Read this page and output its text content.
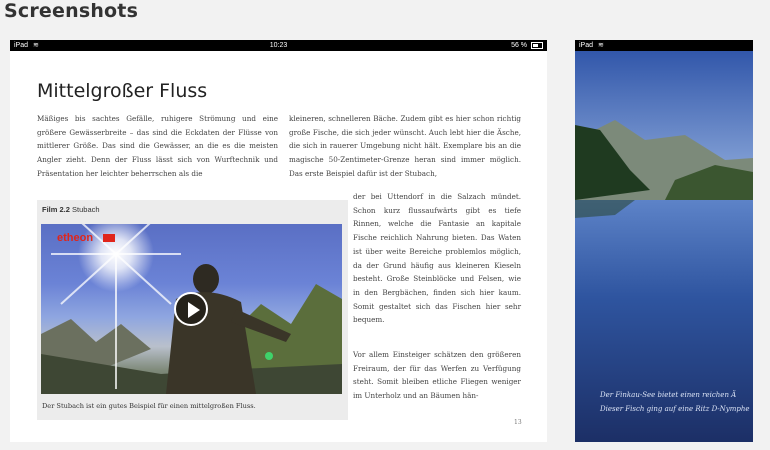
Screenshots
iPad ≋	10:23	56 %
Mittelgroßer Fluss

Mäßiges bis sachtes Gefälle, ruhigere Strömung und eine größere Gewässerbreite – das sind die Eckdaten der Flüsse von mittlerer Größe. Das sind die Gewässer, an die es die meisten Angler zieht. Denn der Fluss lässt sich von Wurftechnik und Präsentation her leichter beherrschen als die

kleineren, schnelleren Bäche. Zudem gibt es hier schon richtig große Fische, die sich jeder wünscht. Auch lebt hier die Äsche, die sich in rauerer Umgebung nicht hält. Exemplare bis an die magische 50-Zentimeter-Grenze heran sind immer möglich. Das erste Beispiel dafür ist der Stubach,

der bei Uttendorf in die Salzach mündet. Schon kurz flussaufwärts gibt es tiefe Rinnen, welche die Fantasie an kapitale Fische reichlich Nahrung bieten. Das Waten ist über weite Bereiche problemlos möglich, da der Grund häufig aus kleineren Kieseln besteht. Große Steinblöcke und Felsen, wie in den Bergbächen, finden sich hier kaum. Somit gestaltet sich das Fischen hier sehr bequem.

Vor allem Einsteiger schätzen den größeren Freiraum, der für das Werfen zu Verfügung steht. Somit bleiben etliche Fliegen weniger im Unterholz und an Bäumen hän-

Film 2.2 Stubach
etheon
Der Stubach ist ein gutes Beispiel für einen mittelgroßen Fluss.
13
iPad ≋
Der Finkau-See bietet einen reichen Ä
Dieser Fisch ging auf eine Ritz D-Nymphe
